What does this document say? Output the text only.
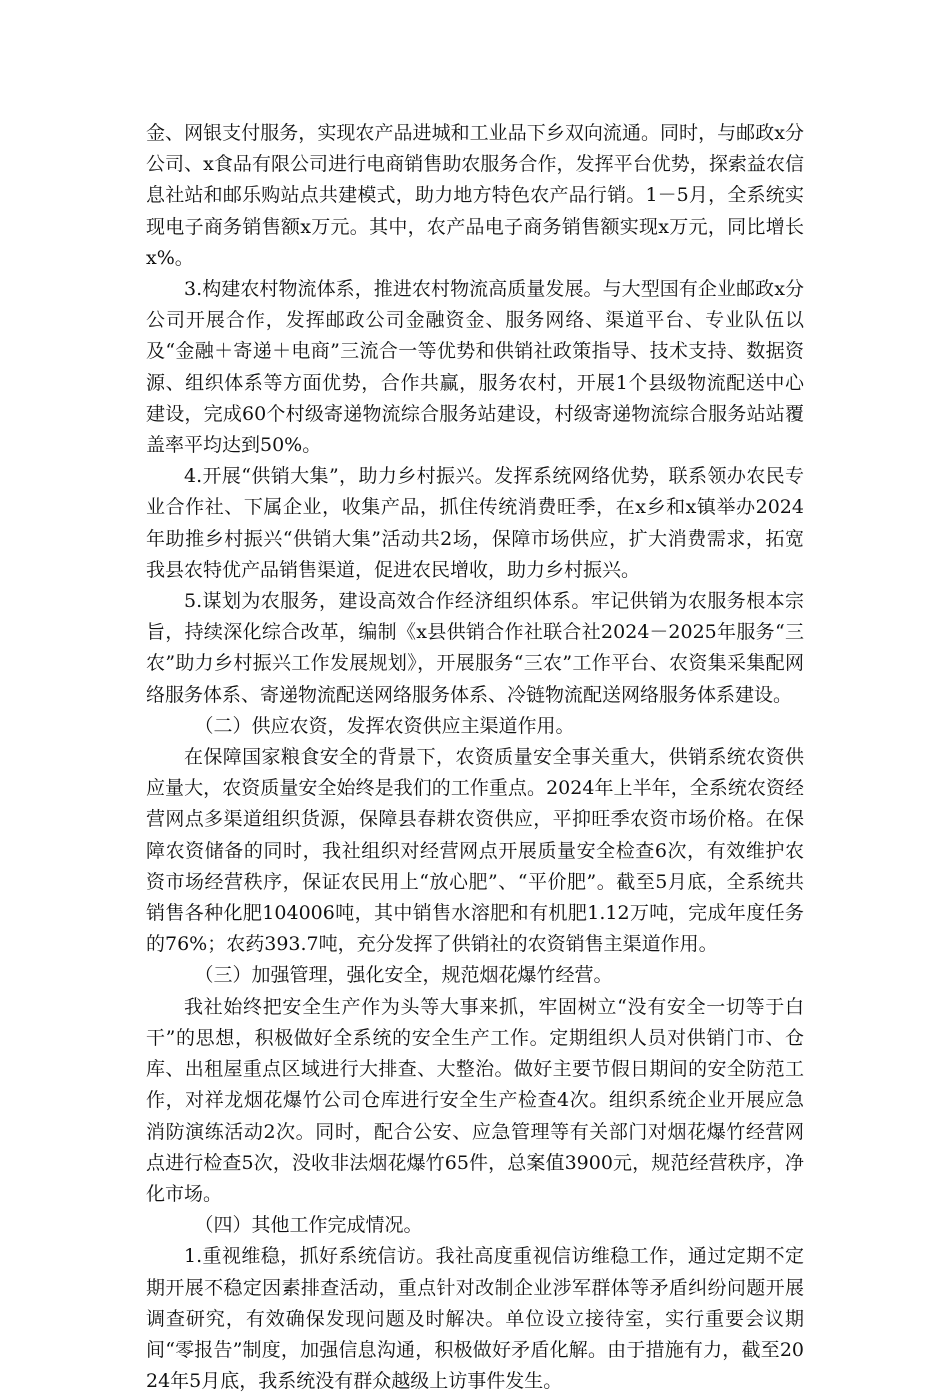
金、网银支付服务，实现农产品进城和工业品下乡双向流通。同时，与邮政x分公司、x食品有限公司进行电商销售助农服务合作，发挥平台优势，探索益农信息社站和邮乐购站点共建模式，助力地方特色农产品行销。1－5月，全系统实现电子商务销售额x万元。其中，农产品电子商务销售额实现x万元，同比增长x%。

3.构建农村物流体系，推进农村物流高质量发展。与大型国有企业邮政x分公司开展合作，发挥邮政公司金融资金、服务网络、渠道平台、专业队伍以及“金融＋寄递＋电商”三流合一等优势和供销社政策指导、技术支持、数据资源、组织体系等方面优势，合作共赢，服务农村，开展1个县级物流配送中心建设，完成60个村级寄递物流综合服务站建设，村级寄递物流综合服务站站覆盖率平均达到50%。

4.开展“供销大集”，助力乡村振兴。发挥系统网络优势，联系领办农民专业合作社、下属企业，收集产品，抓住传统消费旺季，在x乡和x镇举办2024年助推乡村振兴“供销大集”活动共2场，保障市场供应，扩大消费需求，拓宽我县农特优产品销售渠道，促进农民增收，助力乡村振兴。

5.谋划为农服务，建设高效合作经济组织体系。牢记供销为农服务根本宗旨，持续深化综合改革，编制《x县供销合作社联合社2024－2025年服务“三农”助力乡村振兴工作发展规划》，开展服务“三农”工作平台、农资集采集配网络服务体系、寄递物流配送网络服务体系、冷链物流配送网络服务体系建设。

（二）供应农资，发挥农资供应主渠道作用。

在保障国家粮食安全的背景下，农资质量安全事关重大，供销系统农资供应量大，农资质量安全始终是我们的工作重点。2024年上半年，全系统农资经营网点多渠道组织货源，保障县春耕农资供应，平抑旺季农资市场价格。在保障农资储备的同时，我社组织对经营网点开展质量安全检查6次，有效维护农资市场经营秩序，保证农民用上“放心肥”、“平价肥”。截至5月底，全系统共销售各种化肥104006吨，其中销售水溶肥和有机肥1.12万吨，完成年度任务的76%；农药393.7吨，充分发挥了供销社的农资销售主渠道作用。

（三）加强管理，强化安全，规范烟花爆竹经营。

我社始终把安全生产作为头等大事来抓，牢固树立“没有安全一切等于白干”的思想，积极做好全系统的安全生产工作。定期组织人员对供销门市、仓库、出租屋重点区域进行大排查、大整治。做好主要节假日期间的安全防范工作，对祥龙烟花爆竹公司仓库进行安全生产检查4次。组织系统企业开展应急消防演练活动2次。同时，配合公安、应急管理等有关部门对烟花爆竹经营网点进行检查5次，没收非法烟花爆竹65件，总案值3900元，规范经营秩序，净化市场。

（四）其他工作完成情况。

1.重视维稳，抓好系统信访。我社高度重视信访维稳工作，通过定期不定期开展不稳定因素排查活动，重点针对改制企业涉军群体等矛盾纠纷问题开展调查研究，有效确保发现问题及时解决。单位设立接待室，实行重要会议期间“零报告”制度，加强信息沟通，积极做好矛盾化解。由于措施有力，截至2024年5月底，我系统没有群众越级上访事件发生。
